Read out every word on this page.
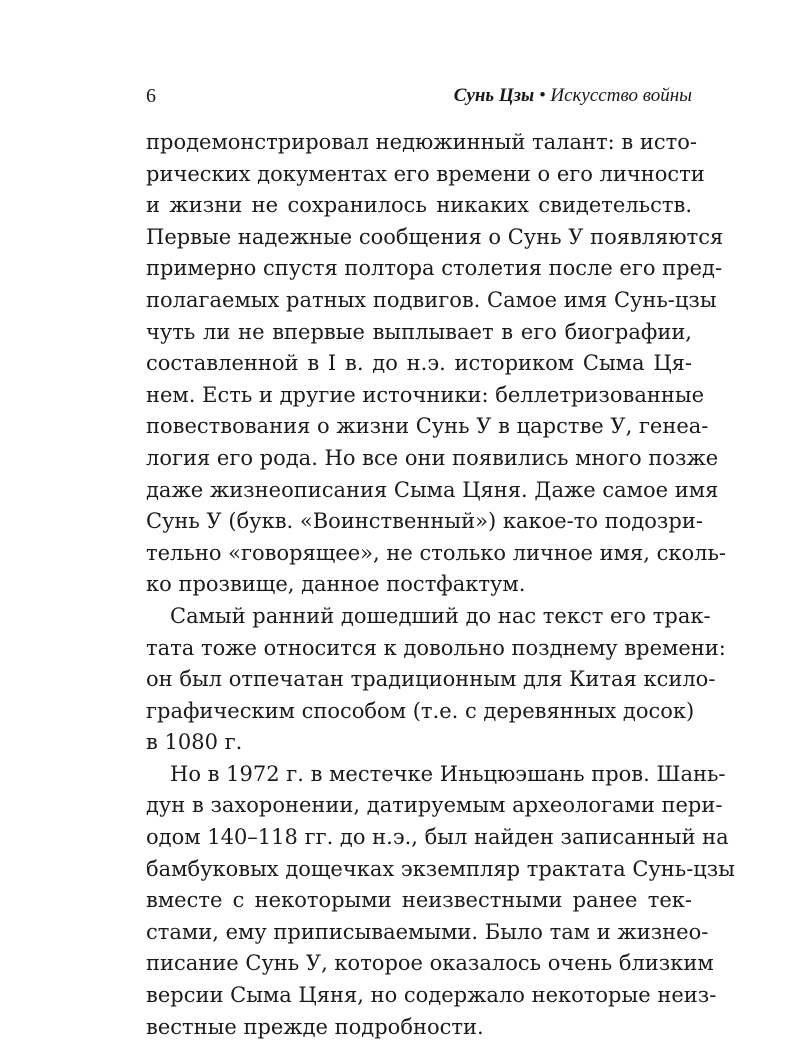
6	Сунь Цзы • Искусство войны
продемонстрировал недюжинный талант: в исто-
рических документах его времени о его личности
и жизни не сохранилось никаких свидетельств.
Первые надежные сообщения о Сунь У появляются
примерно спустя полтора столетия после его пред-
полагаемых ратных подвигов. Самое имя Сунь-цзы
чуть ли не впервые выплывает в его биографии,
составленной в I в. до н.э. историком Сыма Ця-
нем. Есть и другие источники: беллетризованные
повествования о жизни Сунь У в царстве У, генеа-
логия его рода. Но все они появились много позже
даже жизнеописания Сыма Цяня. Даже самое имя
Сунь У (букв. «Воинственный») какое-то подозри-
тельно «говорящее», не столько личное имя, сколь-
ко прозвище, данное постфактум.
Самый ранний дошедший до нас текст его трак-
тата тоже относится к довольно позднему времени:
он был отпечатан традиционным для Китая ксило-
графическим способом (т.е. с деревянных досок)
в 1080 г.
Но в 1972 г. в местечке Иньцюэшань пров. Шань-
дун в захоронении, датируемым археологами пери-
одом 140–118 гг. до н.э., был найден записанный на
бамбуковых дощечках экземпляр трактата Сунь-цзы
вместе с некоторыми неизвестными ранее тек-
стами, ему приписываемыми. Было там и жизнео-
писание Сунь У, которое оказалось очень близким
версии Сыма Цяня, но содержало некоторые неиз-
вестные прежде подробности.
